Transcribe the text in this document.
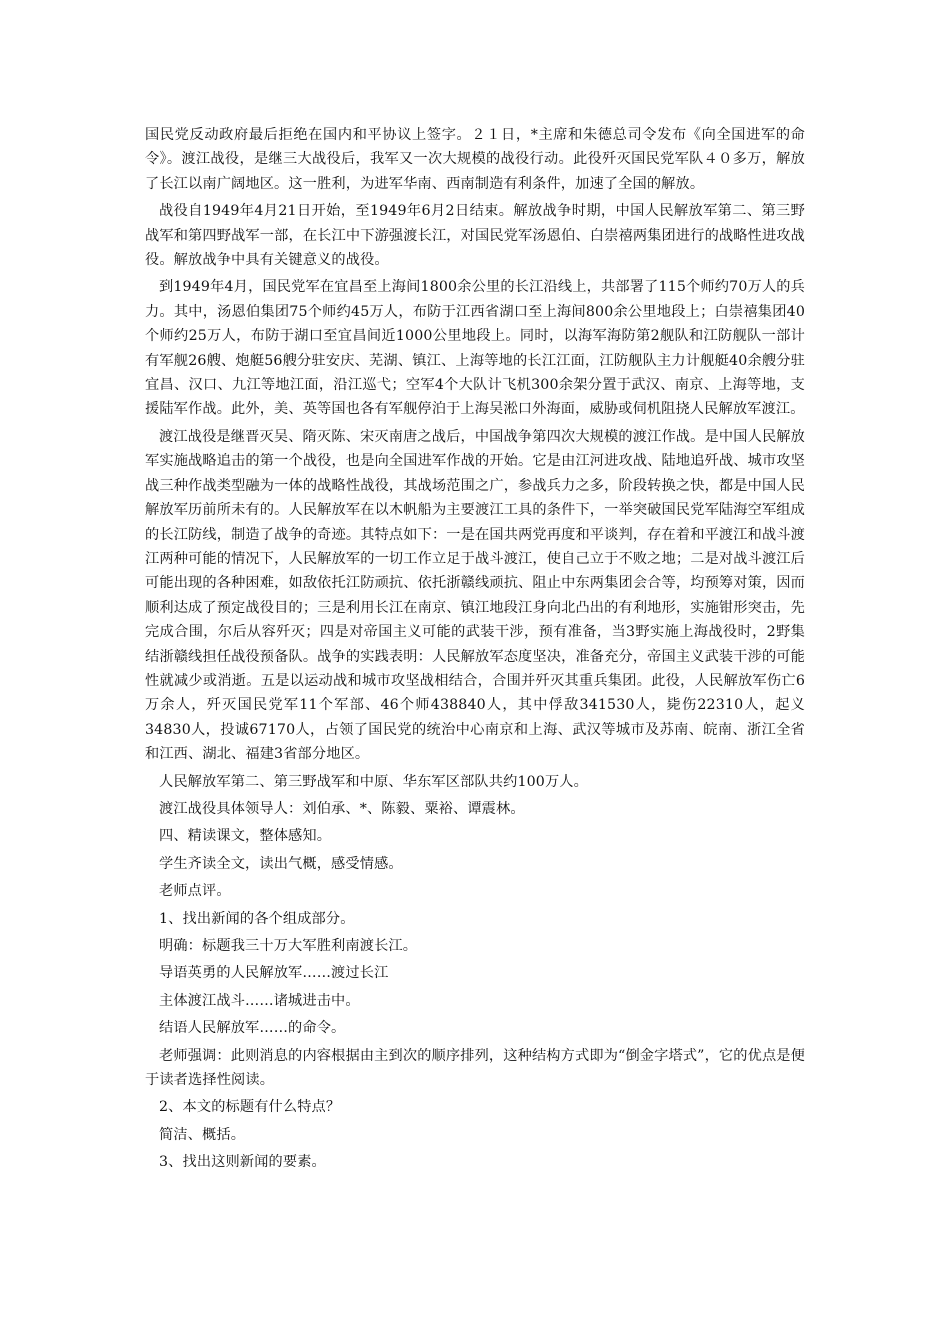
国民党反动政府最后拒绝在国内和平协议上签字。２１日，*主席和朱德总司令发布《向全国进军的命令》。渡江战役，是继三大战役后，我军又一次大规模的战役行动。此役歼灭国民党军队４０多万，解放了长江以南广阔地区。这一胜利，为进军华南、西南制造有利条件，加速了全国的解放。

战役自1949年4月21日开始，至1949年6月2日结束。解放战争时期，中国人民解放军第二、第三野战军和第四野战军一部，在长江中下游强渡长江，对国民党军汤恩伯、白崇禧两集团进行的战略性进攻战役。解放战争中具有关键意义的战役。

到1949年4月，国民党军在宜昌至上海间1800余公里的长江沿线上，共部署了115个师约70万人的兵力。其中，汤恩伯集团75个师约45万人，布防于江西省湖口至上海间800余公里地段上；白崇禧集团40个师约25万人，布防于湖口至宜昌间近1000公里地段上。同时，以海军海防第2舰队和江防舰队一部计有军舰26艘、炮艇56艘分驻安庆、芜湖、镇江、上海等地的长江江面，江防舰队主力计舰艇40余艘分驻宜昌、汉口、九江等地江面，沿江巡弋；空军4个大队计飞机300余架分置于武汉、南京、上海等地，支援陆军作战。此外，美、英等国也各有军舰停泊于上海吴淞口外海面，威胁或伺机阻挠人民解放军渡江。

渡江战役是继晋灭吴、隋灭陈、宋灭南唐之战后，中国战争第四次大规模的渡江作战。是中国人民解放军实施战略追击的第一个战役，也是向全国进军作战的开始。它是由江河进攻战、陆地追歼战、城市攻坚战三种作战类型融为一体的战略性战役，其战场范围之广，参战兵力之多，阶段转换之快，都是中国人民解放军历前所未有的。人民解放军在以木帆船为主要渡江工具的条件下，一举突破国民党军陆海空军组成的长江防线，制造了战争的奇迹。其特点如下：一是在国共两党再度和平谈判，存在着和平渡江和战斗渡江两种可能的情况下，人民解放军的一切工作立足于战斗渡江，使自己立于不败之地；二是对战斗渡江后可能出现的各种困难，如敌依托江防顽抗、依托浙赣线顽抗、阻止中东两集团会合等，均预筹对策，因而顺利达成了预定战役目的；三是利用长江在南京、镇江地段江身向北凸出的有利地形，实施钳形突击，先完成合围，尔后从容歼灭；四是对帝国主义可能的武装干涉，预有准备，当3野实施上海战役时，2野集结浙赣线担任战役预备队。战争的实践表明：人民解放军态度坚决，准备充分，帝国主义武装干涉的可能性就减少或消逝。五是以运动战和城市攻坚战相结合，合围并歼灭其重兵集团。此役，人民解放军伤亡6万余人，歼灭国民党军11个军部、46个师438840人，其中俘敌341530人，毙伤22310人，起义34830人，投诚67170人，占领了国民党的统治中心南京和上海、武汉等城市及苏南、皖南、浙江全省和江西、湖北、福建3省部分地区。

人民解放军第二、第三野战军和中原、华东军区部队共约100万人。

渡江战役具体领导人：刘伯承、*、陈毅、粟裕、谭震林。

四、精读课文，整体感知。

学生齐读全文，读出气概，感受情感。

老师点评。

1、找出新闻的各个组成部分。

明确：标题我三十万大军胜利南渡长江。

导语英勇的人民解放军……渡过长江

主体渡江战斗……诸城进击中。

结语人民解放军……的命令。

老师强调：此则消息的内容根据由主到次的顺序排列，这种结构方式即为“倒金字塔式”，它的优点是便于读者选择性阅读。

2、本文的标题有什么特点？

简洁、概括。

3、找出这则新闻的要素。
